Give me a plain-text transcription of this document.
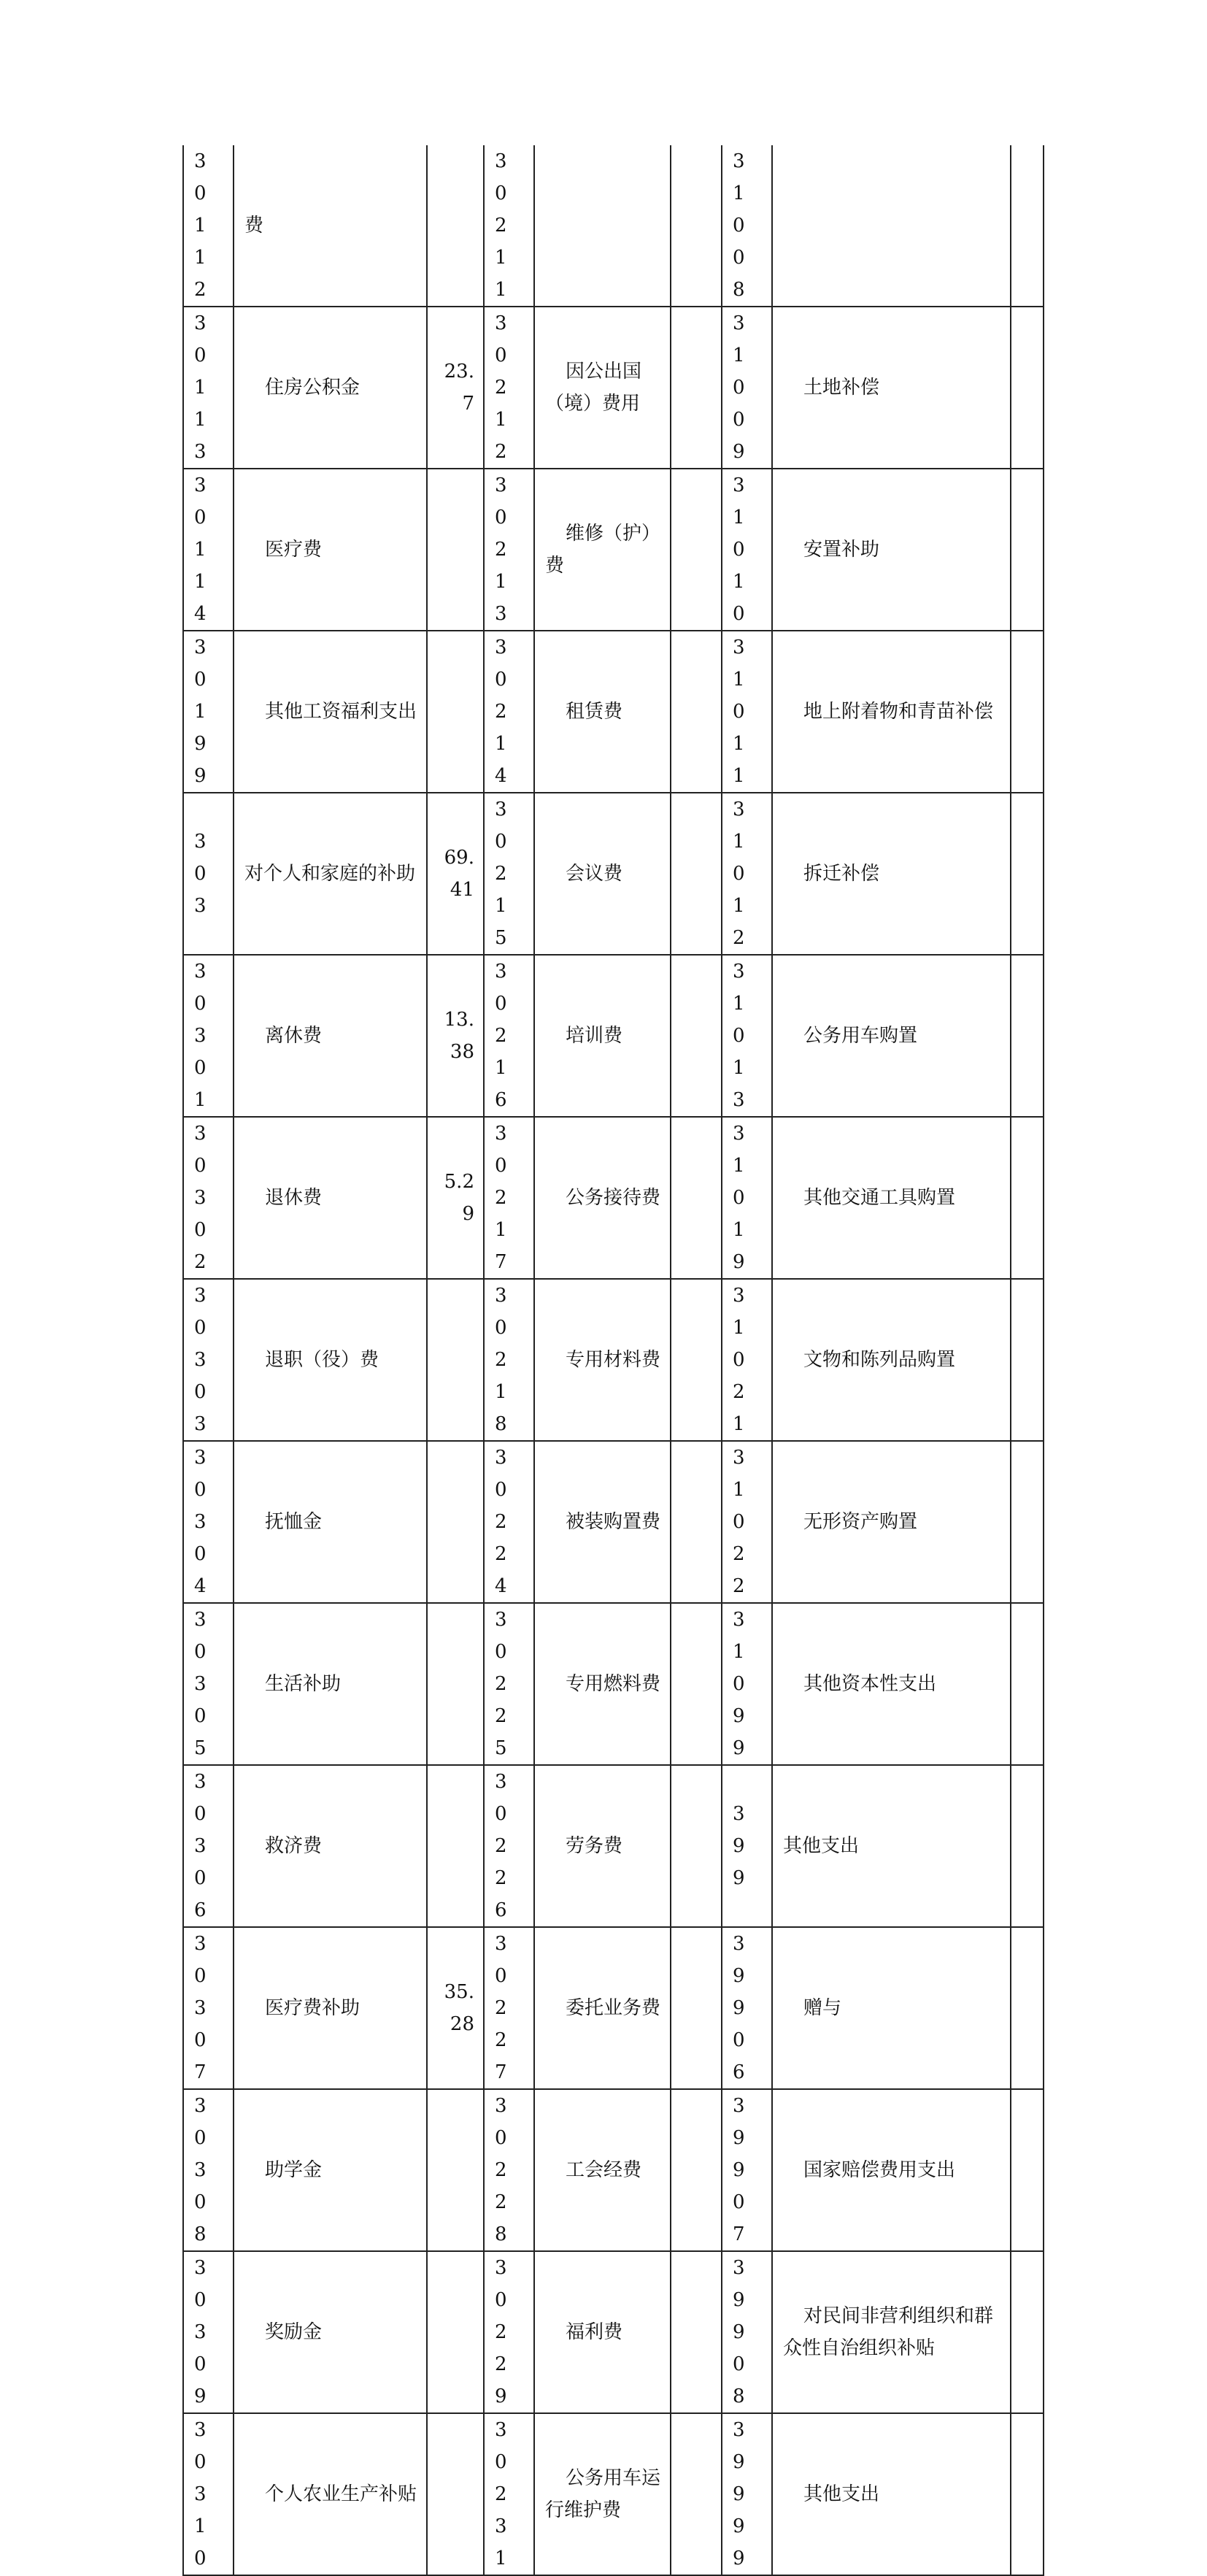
30112	费		30211			31008		

30113	住房公积金	23.7	30212	因公出国（境）费用		31009	土地补偿	

30114	医疗费		30213	维修（护）费		31010	安置补助	

30199	其他工资福利支出		30214	租赁费		31011	地上附着物和青苗补偿	

303	对个人和家庭的补助	69.41	30215	会议费		31012	拆迁补偿	

30301	离休费	13.38	30216	培训费		31013	公务用车购置	

30302	退休费	5.29	30217	公务接待费		31019	其他交通工具购置	

30303	退职（役）费		30218	专用材料费		31021	文物和陈列品购置	

30304	抚恤金		30224	被装购置费		31022	无形资产购置	

30305	生活补助		30225	专用燃料费		31099	其他资本性支出	

30306	救济费		30226	劳务费		399	其他支出	

30307	医疗费补助	35.28	30227	委托业务费		39906	赠与	

30308	助学金		30228	工会经费		39907	国家赔偿费用支出	

30309	奖励金		30229	福利费		39908	对民间非营利组织和群众性自治组织补贴	

30310	个人农业生产补贴		30231	公务用车运行维护费		39999	其他支出	
